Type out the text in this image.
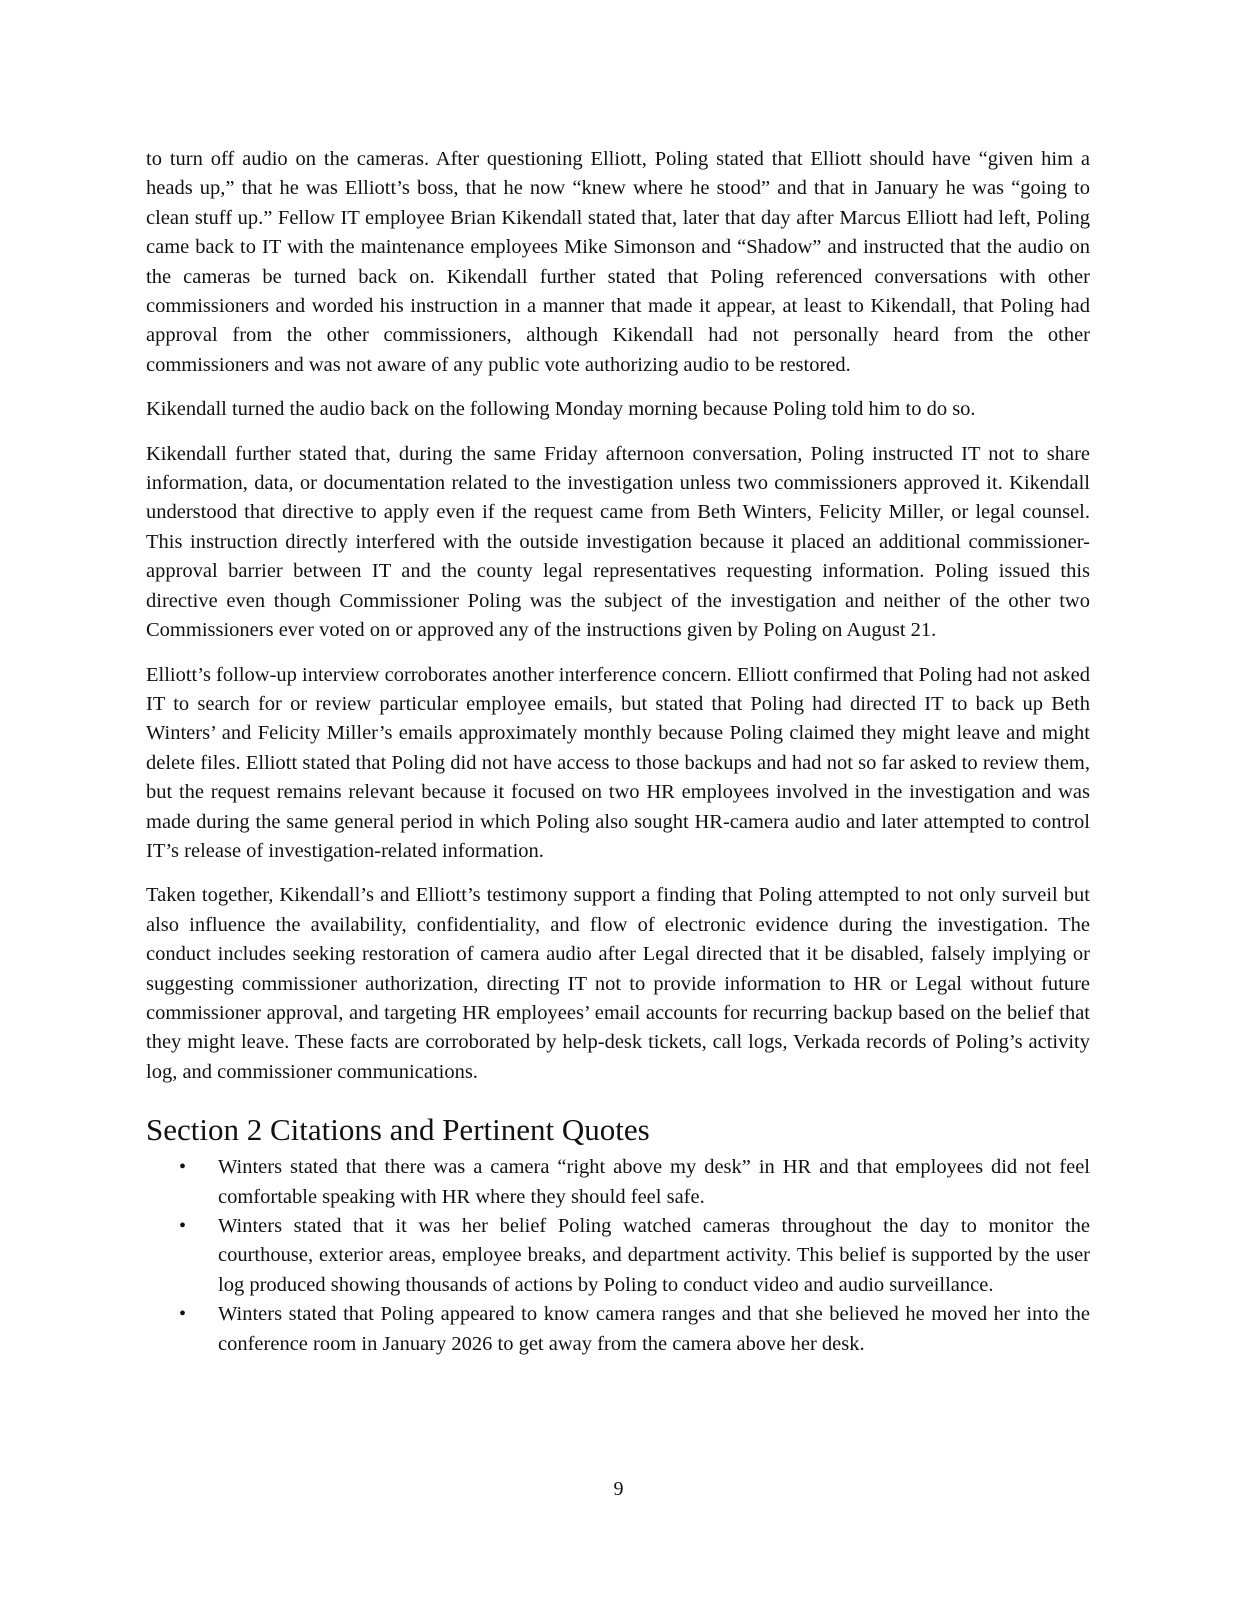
to turn off audio on the cameras. After questioning Elliott, Poling stated that Elliott should have “given him a heads up,” that he was Elliott’s boss, that he now “knew where he stood” and that in January he was “going to clean stuff up.” Fellow IT employee Brian Kikendall stated that, later that day after Marcus Elliott had left, Poling came back to IT with the maintenance employees Mike Simonson and “Shadow” and instructed that the audio on the cameras be turned back on. Kikendall further stated that Poling referenced conversations with other commissioners and worded his instruction in a manner that made it appear, at least to Kikendall, that Poling had approval from the other commissioners, although Kikendall had not personally heard from the other commissioners and was not aware of any public vote authorizing audio to be restored.

Kikendall turned the audio back on the following Monday morning because Poling told him to do so.

Kikendall further stated that, during the same Friday afternoon conversation, Poling instructed IT not to share information, data, or documentation related to the investigation unless two commissioners approved it. Kikendall understood that directive to apply even if the request came from Beth Winters, Felicity Miller, or legal counsel. This instruction directly interfered with the outside investigation because it placed an additional commissioner-approval barrier between IT and the county legal representatives requesting information. Poling issued this directive even though Commissioner Poling was the subject of the investigation and neither of the other two Commissioners ever voted on or approved any of the instructions given by Poling on August 21.

Elliott’s follow-up interview corroborates another interference concern. Elliott confirmed that Poling had not asked IT to search for or review particular employee emails, but stated that Poling had directed IT to back up Beth Winters’ and Felicity Miller’s emails approximately monthly because Poling claimed they might leave and might delete files. Elliott stated that Poling did not have access to those backups and had not so far asked to review them, but the request remains relevant because it focused on two HR employees involved in the investigation and was made during the same general period in which Poling also sought HR-camera audio and later attempted to control IT’s release of investigation-related information.

Taken together, Kikendall’s and Elliott’s testimony support a finding that Poling attempted to not only surveil but also influence the availability, confidentiality, and flow of electronic evidence during the investigation. The conduct includes seeking restoration of camera audio after Legal directed that it be disabled, falsely implying or suggesting commissioner authorization, directing IT not to provide information to HR or Legal without future commissioner approval, and targeting HR employees’ email accounts for recurring backup based on the belief that they might leave. These facts are corroborated by help-desk tickets, call logs, Verkada records of Poling’s activity log, and commissioner communications.

Section 2 Citations and Pertinent Quotes
• Winters stated that there was a camera “right above my desk” in HR and that employees did not feel comfortable speaking with HR where they should feel safe.
• Winters stated that it was her belief Poling watched cameras throughout the day to monitor the courthouse, exterior areas, employee breaks, and department activity. This belief is supported by the user log produced showing thousands of actions by Poling to conduct video and audio surveillance.
• Winters stated that Poling appeared to know camera ranges and that she believed he moved her into the conference room in January 2026 to get away from the camera above her desk.
9
